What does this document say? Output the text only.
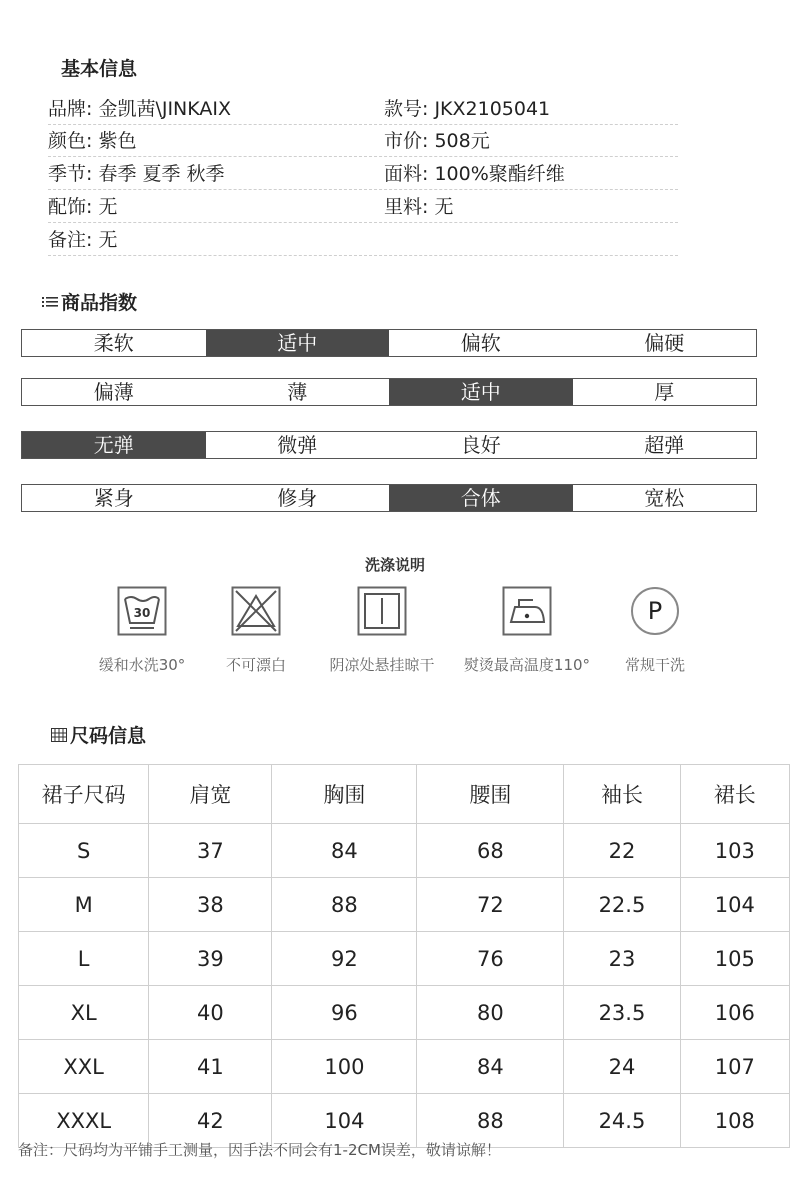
基本信息
品牌: 金凯茜\JINKAIX	款号: JKX2105041
颜色: 紫色	市价: 508元
季节: 春季 夏季 秋季	面料: 100%聚酯纤维
配饰: 无	里料: 无
备注: 无
商品指数
柔软	适中	偏软	偏硬
偏薄	薄	适中	厚
无弹	微弹	良好	超弹
紧身	修身	合体	宽松
洗涤说明
30
缓和水洗30°	不可漂白	阴凉处悬挂晾干	熨烫最高温度110°
P
常规干洗
尺码信息
裙子尺码	肩宽	胸围	腰围	袖长	裙长
S	37	84	68	22	103
M	38	88	72	22.5	104
L	39	92	76	23	105
XL	40	96	80	23.5	106
XXL	41	100	84	24	107
XXXL	42	104	88	24.5	108
备注：尺码均为平铺手工测量，因手法不同会有1-2CM误差，敬请谅解！
